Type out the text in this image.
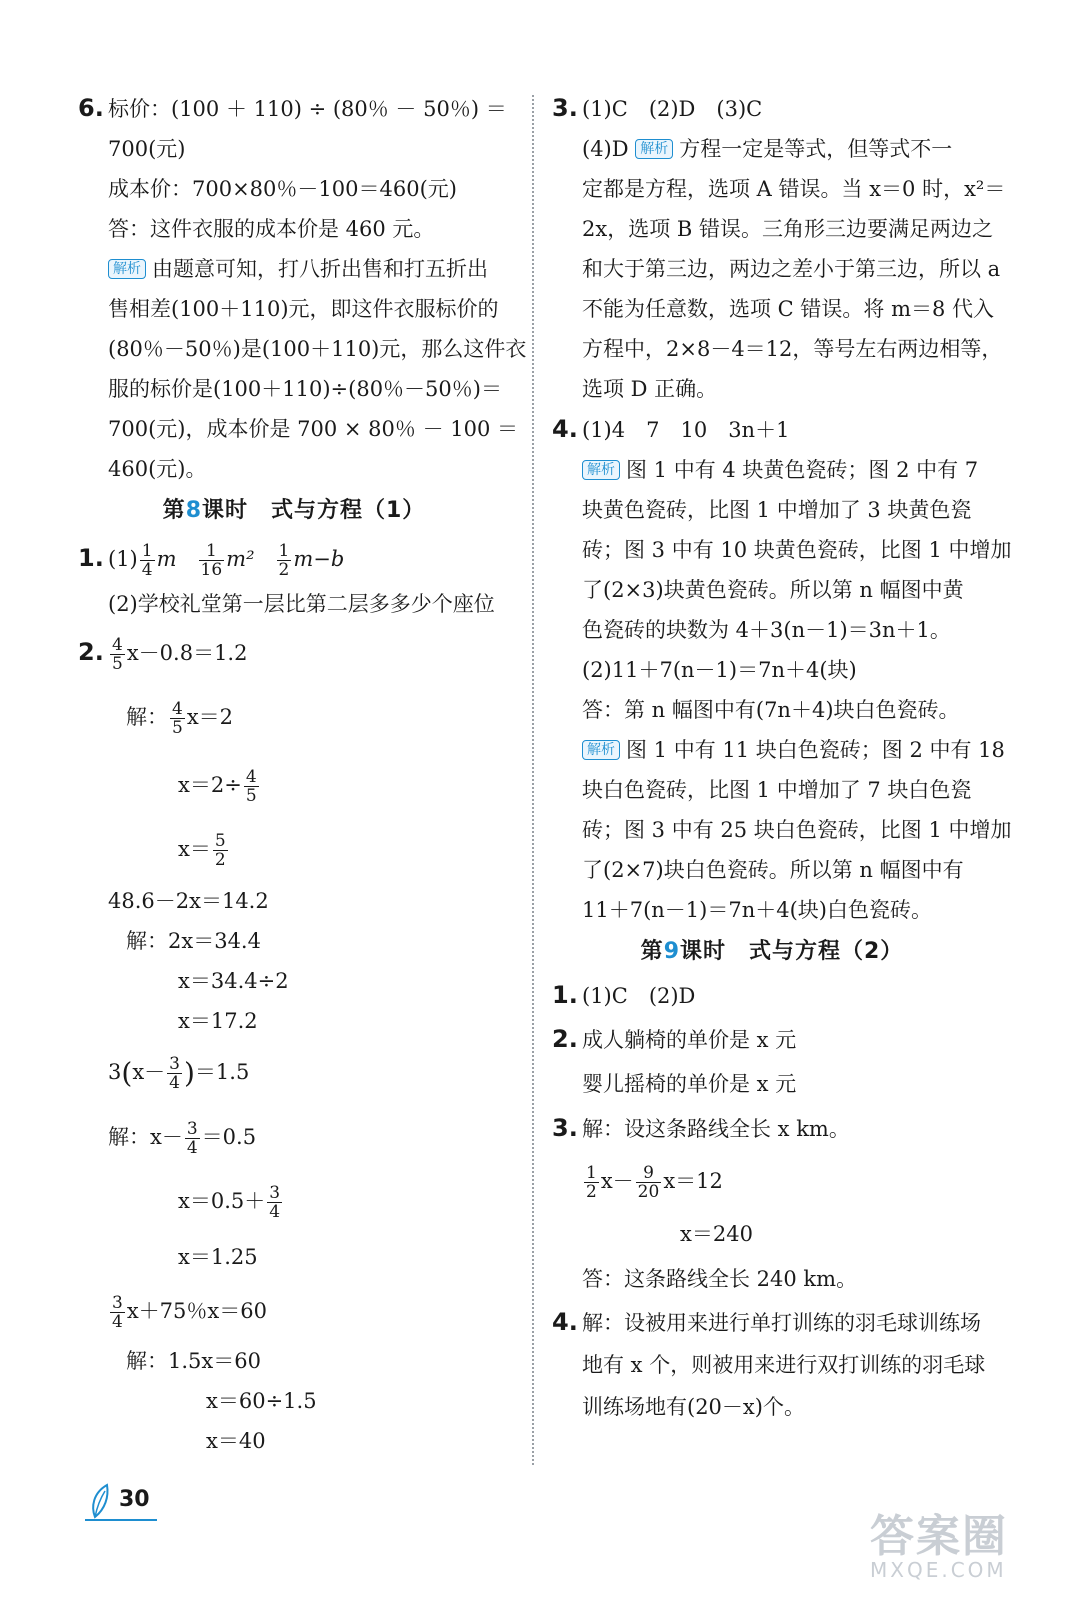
6. 标价：(100 ＋ 110) ÷ (80％ － 50％) ＝
700(元)
成本价：700×80％－100＝460(元)
答：这件衣服的成本价是 460 元。
解析 由题意可知，打八折出售和打五折出
售相差(100＋110)元，即这件衣服标价的
(80％－50％)是(100＋110)元，那么这件衣
服的标价是(100＋110)÷(80％－50％)＝
700(元)，成本价是 700 × 80％ － 100 ＝
460(元)。
第8课时　式与方程（1）
1. $(1) \frac{1}{4}$ m $\frac{1}{16} m^2 \frac{1}{2} m-b$
(2)学校礼堂第一层比第二层多多少个座位
2. $\frac{4}{5} x-0.8=1.2$
解： $\frac{4}{5} x=2$
$x=2\div \frac{4}{5}$
$x= \frac{5}{2}$
48.6－2x＝14.2
解：2x＝34.4
x＝34.4÷2
x＝17.2
$3(x- \frac{3}{4} )=1.5$
解：$x- \frac{3}{4} =0.5$
$x=0.5+ \frac{3}{4}$
x＝1.25
$\frac{3}{4} x+75$％x＝60
解：1.5x＝60
x＝60÷1.5
x＝40
3. (1)C　(2)D　(3)C
(4)D 解析 方程一定是等式，但等式不一
定都是方程，选项 A 错误。当 x＝0 时，x²＝
2x，选项 B 错误。三角形三边要满足两边之
和大于第三边，两边之差小于第三边，所以 a
不能为任意数，选项 C 错误。将 m＝8 代入
方程中，2×8－4＝12，等号左右两边相等，
选项 D 正确。
4. (1)4　7　10　3n＋1
解析 图 1 中有 4 块黄色瓷砖；图 2 中有 7
块黄色瓷砖，比图 1 中增加了 3 块黄色瓷
砖；图 3 中有 10 块黄色瓷砖，比图 1 中增加
了(2×3)块黄色瓷砖。所以第 n 幅图中黄
色瓷砖的块数为 4＋3(n－1)＝3n＋1。
(2)11＋7(n－1)＝7n＋4(块)
答：第 n 幅图中有(7n＋4)块白色瓷砖。
解析 图 1 中有 11 块白色瓷砖；图 2 中有 18
块白色瓷砖，比图 1 中增加了 7 块白色瓷
砖；图 3 中有 25 块白色瓷砖，比图 1 中增加
了(2×7)块白色瓷砖。所以第 n 幅图中有
11＋7(n－1)＝7n＋4(块)白色瓷砖。
第9课时　式与方程（2）
1. (1)C　(2)D
2. 成人躺椅的单价是 x 元
婴儿摇椅的单价是 x 元
3. 解：设这条路线全长 x km。
$\frac{1}{2} x- \frac{9}{20} x=12$
x＝240
答：这条路线全长 240 km。
4. 解：设被用来进行单打训练的羽毛球训练场
地有 x 个，则被用来进行双打训练的羽毛球
训练场地有(20－x)个。
30
答案圈
MXQE.COM
